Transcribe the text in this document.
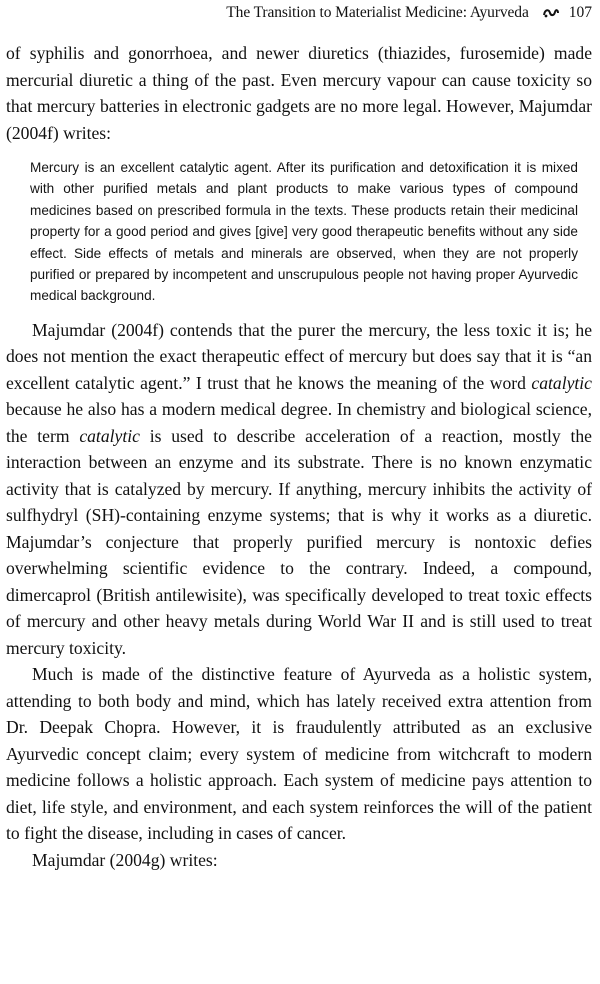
The Transition to Materialist Medicine: Ayurveda	107

of syphilis and gonorrhoea, and newer diuretics (thiazides, furosemide) made mercurial diuretic a thing of the past. Even mercury vapour can cause toxicity so that mercury batteries in electronic gadgets are no more legal. However, Majumdar (2004f) writes:

Mercury is an excellent catalytic agent. After its purification and detoxification it is mixed with other purified metals and plant products to make various types of compound medicines based on prescribed formula in the texts. These products retain their medicinal property for a good period and gives [give] very good therapeutic benefits without any side effect. Side effects of metals and minerals are observed, when they are not properly purified or prepared by incompetent and unscrupulous people not having proper Ayurvedic medical background.

Majumdar (2004f) contends that the purer the mercury, the less toxic it is; he does not mention the exact therapeutic effect of mercury but does say that it is “an excellent catalytic agent.” I trust that he knows the meaning of the word catalytic because he also has a modern medical degree. In chemistry and biological science, the term catalytic is used to describe acceleration of a reaction, mostly the interaction between an enzyme and its substrate. There is no known enzymatic activity that is catalyzed by mercury. If anything, mercury inhibits the activity of sulfhydryl (SH)-containing enzyme systems; that is why it works as a diuretic. Majumdar’s conjecture that properly purified mercury is nontoxic defies overwhelming scientific evidence to the contrary. Indeed, a compound, dimercaprol (British antilewisite), was specifically developed to treat toxic effects of mercury and other heavy metals during World War II and is still used to treat mercury toxicity.

Much is made of the distinctive feature of Ayurveda as a holistic system, attending to both body and mind, which has lately received extra attention from Dr. Deepak Chopra. However, it is fraudulently attributed as an exclusive Ayurvedic concept claim; every system of medicine from witchcraft to modern medicine follows a holistic approach. Each system of medicine pays attention to diet, life style, and environment, and each system reinforces the will of the patient to fight the disease, including in cases of cancer.

Majumdar (2004g) writes:
